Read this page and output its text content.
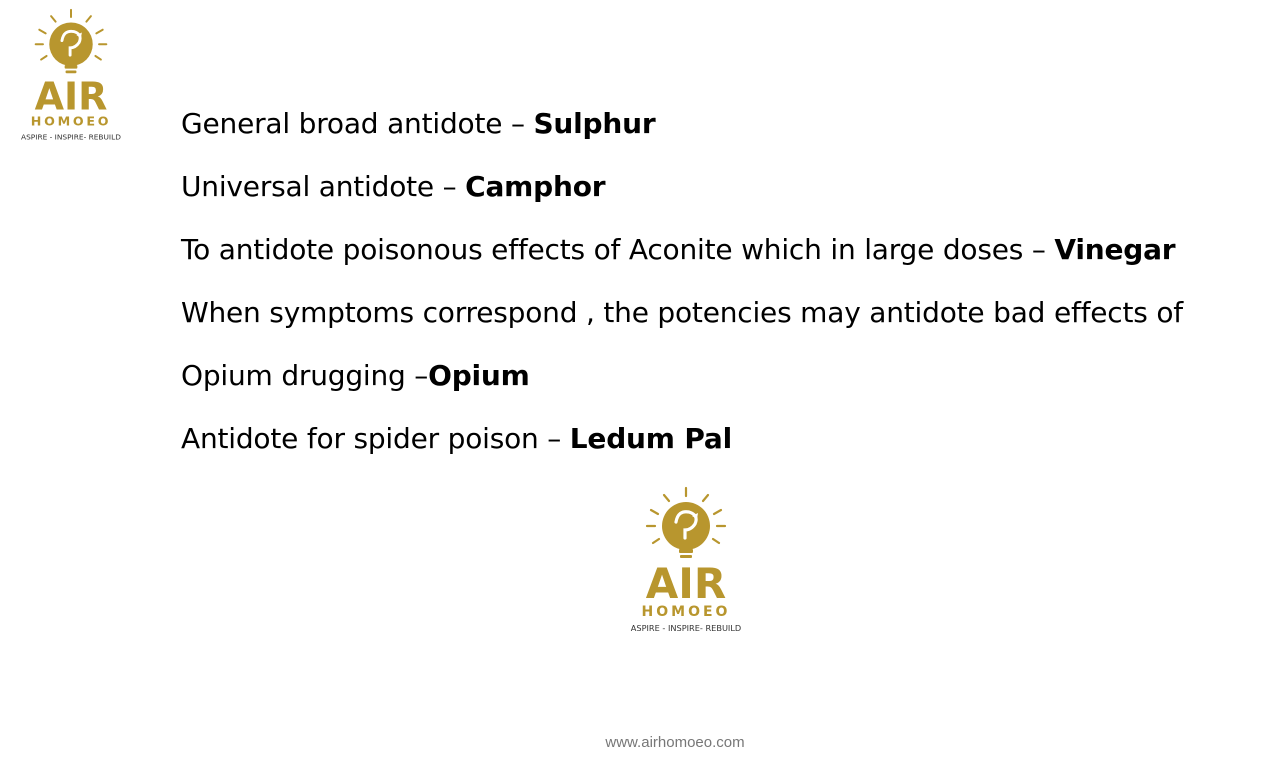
AIR
HOMOEO
ASPIRE - INSPIRE- REBUILD General broad antidote – Sulphur
Universal antidote – Camphor
To antidote poisonous effects of Aconite which in large doses – Vinegar
When symptoms correspond , the potencies may antidote bad effects of
Opium drugging –Opium
Antidote for spider poison – Ledum Pal
AIR
HOMOEO
ASPIRE - INSPIRE- REBUILD
www.airhomoeo.com
